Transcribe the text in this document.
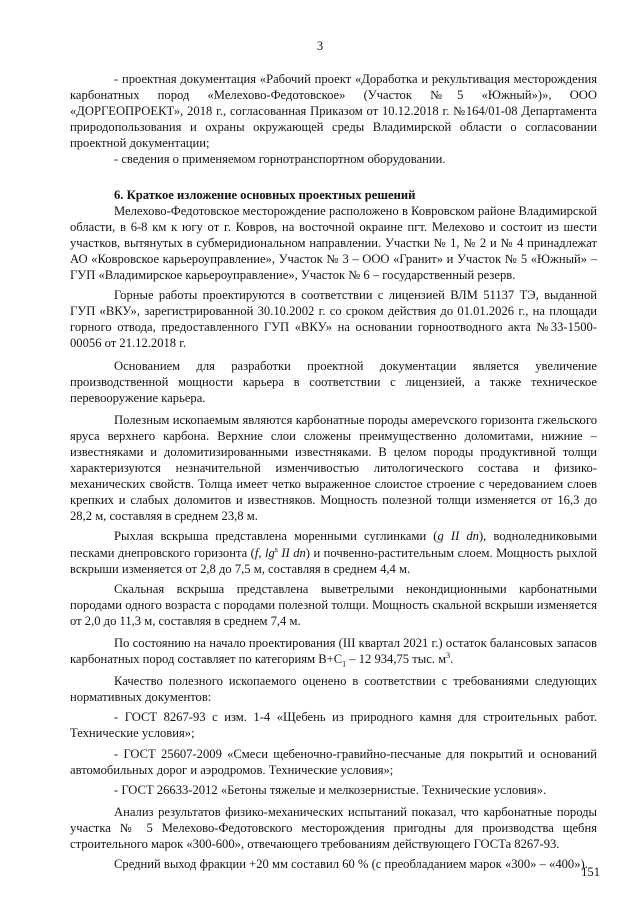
3

- проектная документация «Рабочий проект «Доработка и рекультивация месторождения карбонатных пород «Мелехово-Федотовское» (Участок №5 «Южный»)», ООО «ДОРГЕОПРОЕКТ», 2018 г., согласованная Приказом от 10.12.2018 г. №164/01-08 Департамента природопользования и охраны окружающей среды Владимирской области о согласовании проектной документации;

- сведения о применяемом горнотранспортном оборудовании.

6. Краткое изложение основных проектных решений

Мелехово-Федотовское месторождение расположено в Ковровском районе Владимирской области, в 6-8 км к югу от г. Ковров, на восточной окраине пгт. Мелехово и состоит из шести участков, вытянутых в субмеридиональном направлении. Участки № 1, № 2 и № 4 принадлежат АО «Ковровское карьероуправление», Участок № 3 – ООО «Гранит» и Участок № 5 «Южный» – ГУП «Владимирское карьероуправление», Участок № 6 – государственный резерв.

Горные работы проектируются в соответствии с лицензией ВЛМ 51137 ТЭ, выданной ГУП «ВКУ», зарегистрированной 30.10.2002 г. со сроком действия до 01.01.2026 г., на площади горного отвода, предоставленного ГУП «ВКУ» на основании горноотводного акта №33-1500-00056 от 21.12.2018 г.

Основанием для разработки проектной документации является увеличение производственной мощности карьера в соответствии с лицензией, а также техническое перевооружение карьера.

Полезным ископаемым являются карбонатные породы амерevского горизонта гжельского яруса верхнего карбона. Верхние слои сложены преимущественно доломитами, нижние – известняками и доломитизированными известняками. В целом породы продуктивной толщи характеризуются незначительной изменчивостью литологического состава и физико-механических свойств. Толща имеет четко выраженное слоистое строение с чередованием слоев крепких и слабых доломитов и известняков. Мощность полезной толщи изменяется от 16,3 до 28,2 м, составляя в среднем 23,8 м.

Рыхлая вскрыша представлена моренными суглинками (g II dn), водноледниковыми песками днепровского горизонта (f, $\lg^s$ II dn) и почвенно-растительным слоем. Мощность рыхлой вскрыши изменяется от 2,8 до 7,5 м, составляя в среднем 4,4 м.

Скальная вскрыша представлена выветрелыми некондиционными карбонатными породами одного возраста с породами полезной толщи. Мощность скальной вскрыши изменяется от 2,0 до 11,3 м, составляя в среднем 7,4 м.

По состоянию на начало проектирования (III квартал 2021 г.) остаток балансовых запасов карбонатных пород составляет по категориям $В+С_1 - 12$ 934,75 тыс. $м^3$.

Качество полезного ископаемого оценено в соответствии с требованиями следующих нормативных документов:

- ГОСТ 8267-93 с изм. 1-4 «Щебень из природного камня для строительных работ. Технические условия»;

- ГОСТ 25607-2009 «Смеси щебеночно-гравийно-песчаные для покрытий и оснований автомобильных дорог и аэродромов. Технические условия»;

- ГОСТ 26633-2012 «Бетоны тяжелые и мелкозернистые. Технические условия».

Анализ результатов физико-механических испытаний показал, что карбонатные породы участка № 5 Мелехово-Федотовского месторождения пригодны для производства щебня строительного марок «300-600», отвечающего требованиям действующего ГОСТа 8267-93.

Средний выход фракции +20 мм составил 60 % (с преобладанием марок «300» – «400»).

151
